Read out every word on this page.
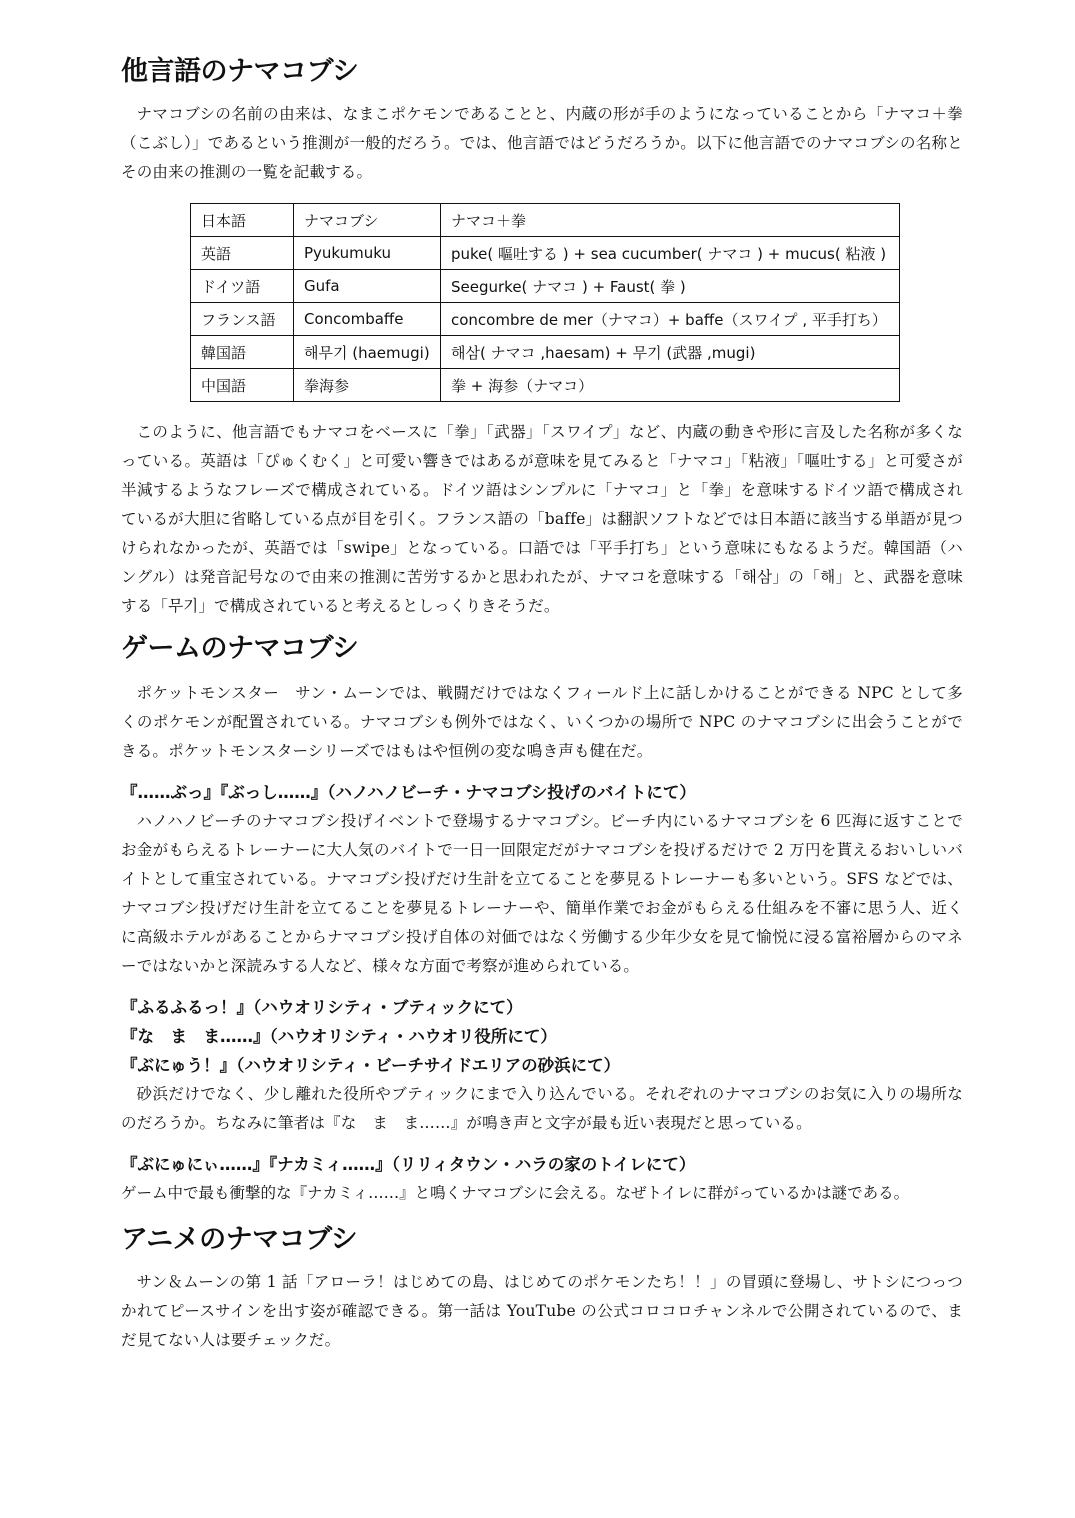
他言語のナマコブシ

ナマコブシの名前の由来は、なまこポケモンであることと、内蔵の形が手のようになっていることから「ナマコ＋拳（こぶし）」であるという推測が一般的だろう。では、他言語ではどうだろうか。以下に他言語でのナマコブシの名称とその由来の推測の一覧を記載する。

日本語	ナマコブシ	ナマコ＋拳
英語	Pyukumuku	puke( 嘔吐する ) + sea cucumber( ナマコ ) + mucus( 粘液 )
ドイツ語	Gufa	Seegurke( ナマコ ) + Faust( 拳 )
フランス語	Concombaffe	concombre de mer（ナマコ）+ baffe（スワイプ , 平手打ち）
韓国語	해무기 (haemugi)	해삼( ナマコ ,haesam) + 무기 (武器 ,mugi)
中国語	拳海参	拳 + 海参（ナマコ）

このように、他言語でもナマコをベースに「拳」「武器」「スワイプ」など、内蔵の動きや形に言及した名称が多くなっている。英語は「ぴゅくむく」と可愛い響きではあるが意味を見てみると「ナマコ」「粘液」「嘔吐する」と可愛さが半減するようなフレーズで構成されている。ドイツ語はシンプルに「ナマコ」と「拳」を意味するドイツ語で構成されているが大胆に省略している点が目を引く。フランス語の「baffe」は翻訳ソフトなどでは日本語に該当する単語が見つけられなかったが、英語では「swipe」となっている。口語では「平手打ち」という意味にもなるようだ。韓国語（ハングル）は発音記号なので由来の推測に苦労するかと思われたが、ナマコを意味する「해삼」の「해」と、武器を意味する「무기」で構成されていると考えるとしっくりきそうだ。

ゲームのナマコブシ

ポケットモンスター　サン・ムーンでは、戦闘だけではなくフィールド上に話しかけることができる NPC として多くのポケモンが配置されている。ナマコブシも例外ではなく、いくつかの場所で NPC のナマコブシに出会うことができる。ポケットモンスターシリーズではもはや恒例の変な鳴き声も健在だ。

『……ぶっ』『ぶっし……』（ハノハノビーチ・ナマコブシ投げのバイトにて）

ハノハノビーチのナマコブシ投げイベントで登場するナマコブシ。ビーチ内にいるナマコブシを 6 匹海に返すことでお金がもらえるトレーナーに大人気のバイトで一日一回限定だがナマコブシを投げるだけで 2 万円を貰えるおいしいバイトとして重宝されている。ナマコブシ投げだけ生計を立てることを夢見るトレーナーも多いという。SFS などでは、ナマコブシ投げだけ生計を立てることを夢見るトレーナーや、簡単作業でお金がもらえる仕組みを不審に思う人、近くに高級ホテルがあることからナマコブシ投げ自体の対価ではなく労働する少年少女を見て愉悦に浸る富裕層からのマネーではないかと深読みする人など、様々な方面で考察が進められている。

『ふるふるっ！』（ハウオリシティ・ブティックにて）
『な　ま　ま……』（ハウオリシティ・ハウオリ役所にて）
『ぶにゅう！』（ハウオリシティ・ビーチサイドエリアの砂浜にて）

砂浜だけでなく、少し離れた役所やブティックにまで入り込んでいる。それぞれのナマコブシのお気に入りの場所なのだろうか。ちなみに筆者は『な　ま　ま……』が鳴き声と文字が最も近い表現だと思っている。

『ぶにゅにぃ……』『ナカミィ……』（リリィタウン・ハラの家のトイレにて）

ゲーム中で最も衝撃的な『ナカミィ……』と鳴くナマコブシに会える。なぜトイレに群がっているかは謎である。

アニメのナマコブシ

サン＆ムーンの第 1 話「アローラ！はじめての島、はじめてのポケモンたち！！」の冒頭に登場し、サトシにつっつかれてピースサインを出す姿が確認できる。第一話は YouTube の公式コロコロチャンネルで公開されているので、まだ見てない人は要チェックだ。
